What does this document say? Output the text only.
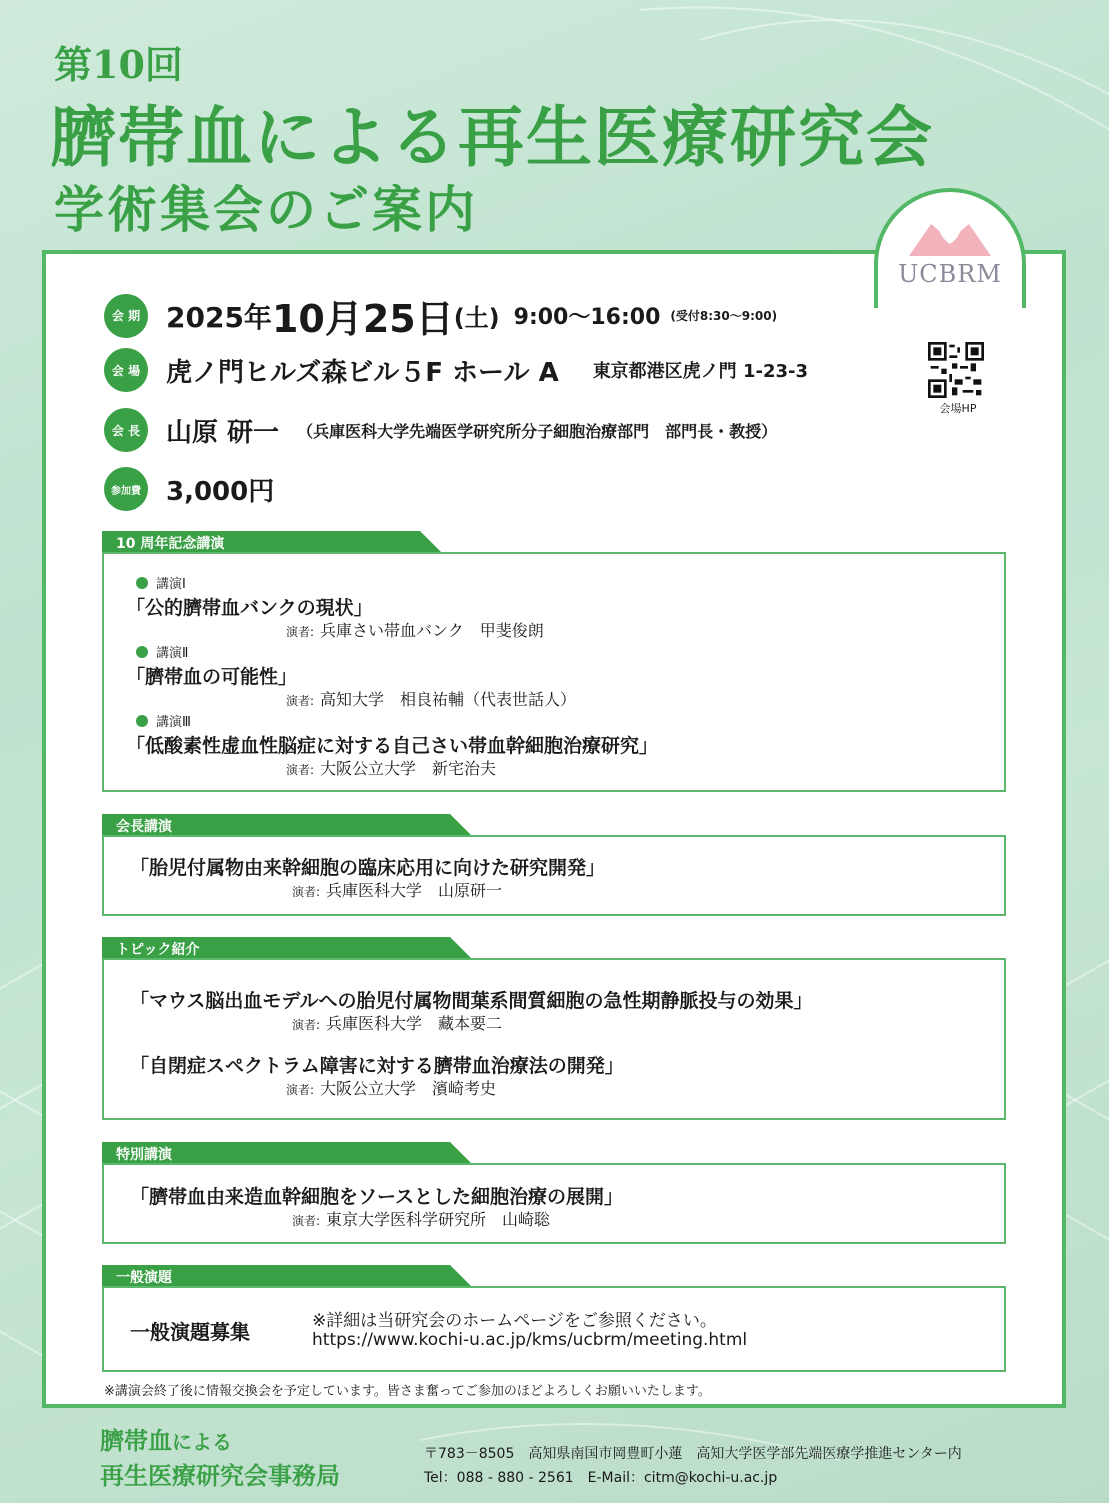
第10回
臍帯血による再生医療研究会
学術集会のご案内
UCBRM
会 期 2025年 10月25日 (土) 9:00〜16:00 (受付8:30〜9:00)
会 場 虎ノ門ヒルズ森ビル５F ホール A 東京都港区虎ノ門 1-23-3
会 長 山原 研一 （兵庫医科大学先端医学研究所分子細胞治療部門　部門長・教授）
参加費 3,000円
会場HP
10 周年記念講演
講演Ⅰ
「公的臍帯血バンクの現状」
演者: 兵庫さい帯血バンク　甲斐俊朗
講演Ⅱ
「臍帯血の可能性」
演者: 高知大学　相良祐輔（代表世話人）
講演Ⅲ
「低酸素性虚血性脳症に対する自己さい帯血幹細胞治療研究」
演者: 大阪公立大学　新宅治夫
会長講演
「胎児付属物由来幹細胞の臨床応用に向けた研究開発」
演者: 兵庫医科大学　山原研一
トピック紹介
「マウス脳出血モデルへの胎児付属物間葉系間質細胞の急性期静脈投与の効果」
演者: 兵庫医科大学　藏本要二
「自閉症スペクトラム障害に対する臍帯血治療法の開発」
演者: 大阪公立大学　濱崎考史
特別講演
「臍帯血由来造血幹細胞をソースとした細胞治療の展開」
演者: 東京大学医科学研究所　山崎聡
一般演題
一般演題募集	※詳細は当研究会のホームページをご参照ください。
https://www.kochi-u.ac.jp/kms/ucbrm/meeting.html
※講演会終了後に情報交換会を予定しています。皆さま奮ってご参加のほどよろしくお願いいたします。
臍帯血による
再生医療研究会事務局
〒783－8505　高知県南国市岡豊町小蓮　高知大学医学部先端医療学推進センター内
Tel：088 - 880 - 2561　E-Mail：citm@kochi-u.ac.jp
